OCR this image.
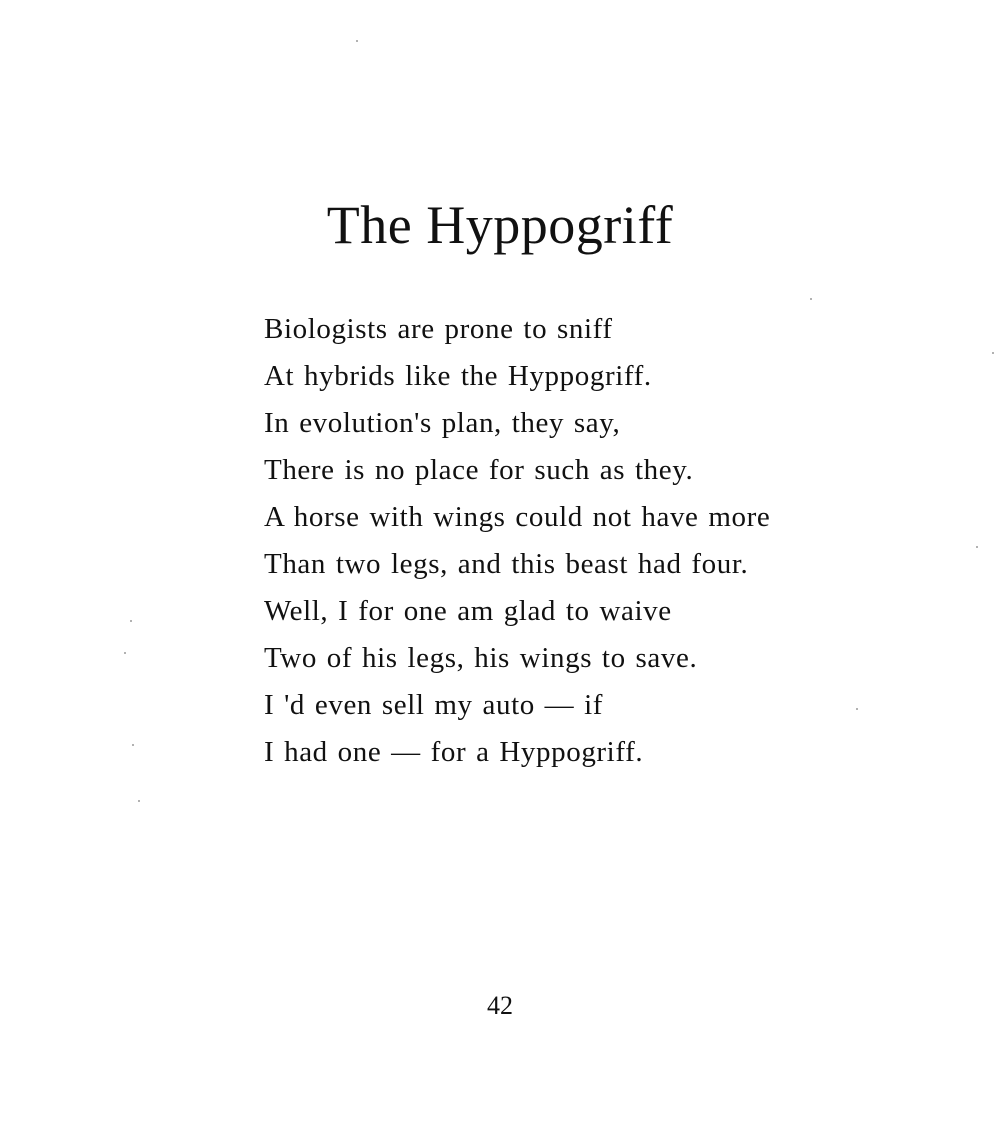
The Hyppogriff
Biologists are prone to sniff
At hybrids like the Hyppogriff.
In evolution's plan, they say,
There is no place for such as they.
A horse with wings could not have more
Than two legs, and this beast had four.
Well, I for one am glad to waive
Two of his legs, his wings to save.
I 'd even sell my auto — if
I had one — for a Hyppogriff.
42
